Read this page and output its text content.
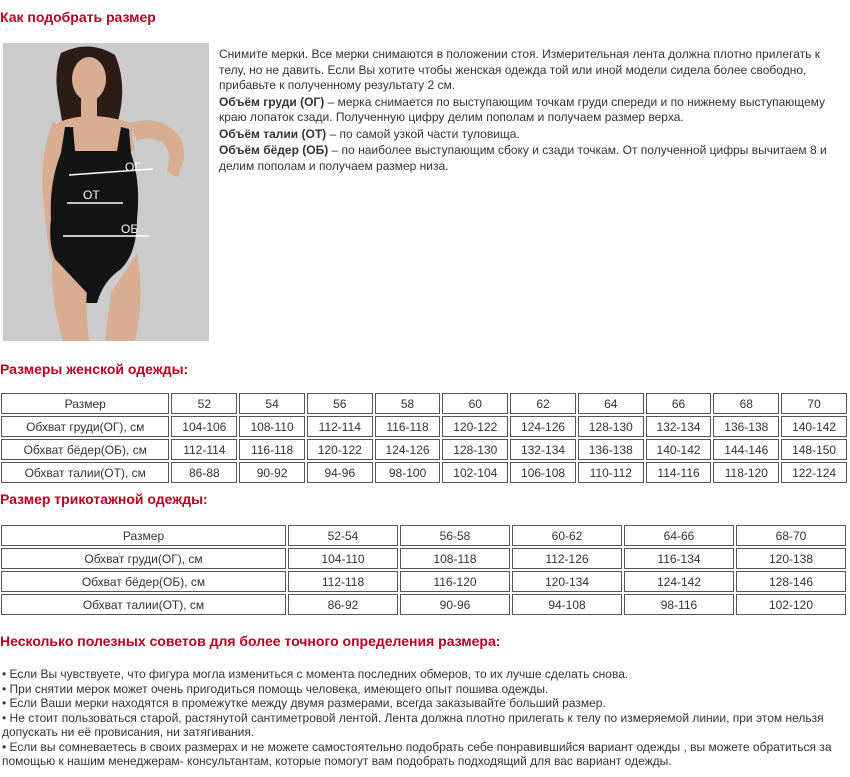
Как подобрать размер
ОГ
ОТ
ОБ

Снимите мерки. Все мерки снимаются в положении стоя. Измерительная лента должна плотно прилегать к телу, но не давить. Если Вы хотите чтобы женская одежда той или иной модели сидела более свободно, прибавьте к полученному результату 2 см.

Объём груди (ОГ) – мерка снимается по выступающим точкам груди спереди и по нижнему выступающему краю лопаток сзади. Полученную цифру делим пополам и получаем размер верха.

Объём талии (ОТ) – по самой узкой части туловища.

Объём бёдер (ОБ) – по наиболее выступающим сбоку и сзади точкам. От полученной цифры вычитаем 8 и делим пополам и получаем размер низа.

Размеры женской одежды:
Размер	52	54	56	58	60	62	64	66	68	70
Обхват груди(ОГ), см	104-106	108-110	112-114	116-118	120-122	124-126	128-130	132-134	136-138	140-142
Обхват бёдер(ОБ), см	112-114	116-118	120-122	124-126	128-130	132-134	136-138	140-142	144-146	148-150
Обхват талии(ОТ), см	86-88	90-92	94-96	98-100	102-104	106-108	110-112	114-116	118-120	122-124
Размер трикотажной одежды:
Размер	52-54	56-58	60-62	64-66	68-70
Обхват груди(ОГ), см	104-110	108-118	112-126	116-134	120-138
Обхват бёдер(ОБ), см	112-118	116-120	120-134	124-142	128-146
Обхват талии(ОТ), см	86-92	90-96	94-108	98-116	102-120
Несколько полезных советов для более точного определения размера:
• Если Вы чувствуете, что фигура могла измениться с момента последних обмеров, то их лучше сделать снова.
• При снятии мерок может очень пригодиться помощь человека, имеющего опыт пошива одежды.
• Если Ваши мерки находятся в промежутке между двумя размерами, всегда заказывайте больший размер.
• Не стоит пользоваться старой, растянутой сантиметровой лентой. Лента должна плотно прилегать к телу по измеряемой линии, при этом нельзя допускать ни её провисания, ни затягивания.
• Если вы сомневаетесь в своих размерах и не можете самостоятельно подобрать себе понравившийся вариант одежды , вы можете обратиться за помощью к нашим менеджерам- консультантам, которые помогут вам подобрать подходящий для вас вариант одежды.
